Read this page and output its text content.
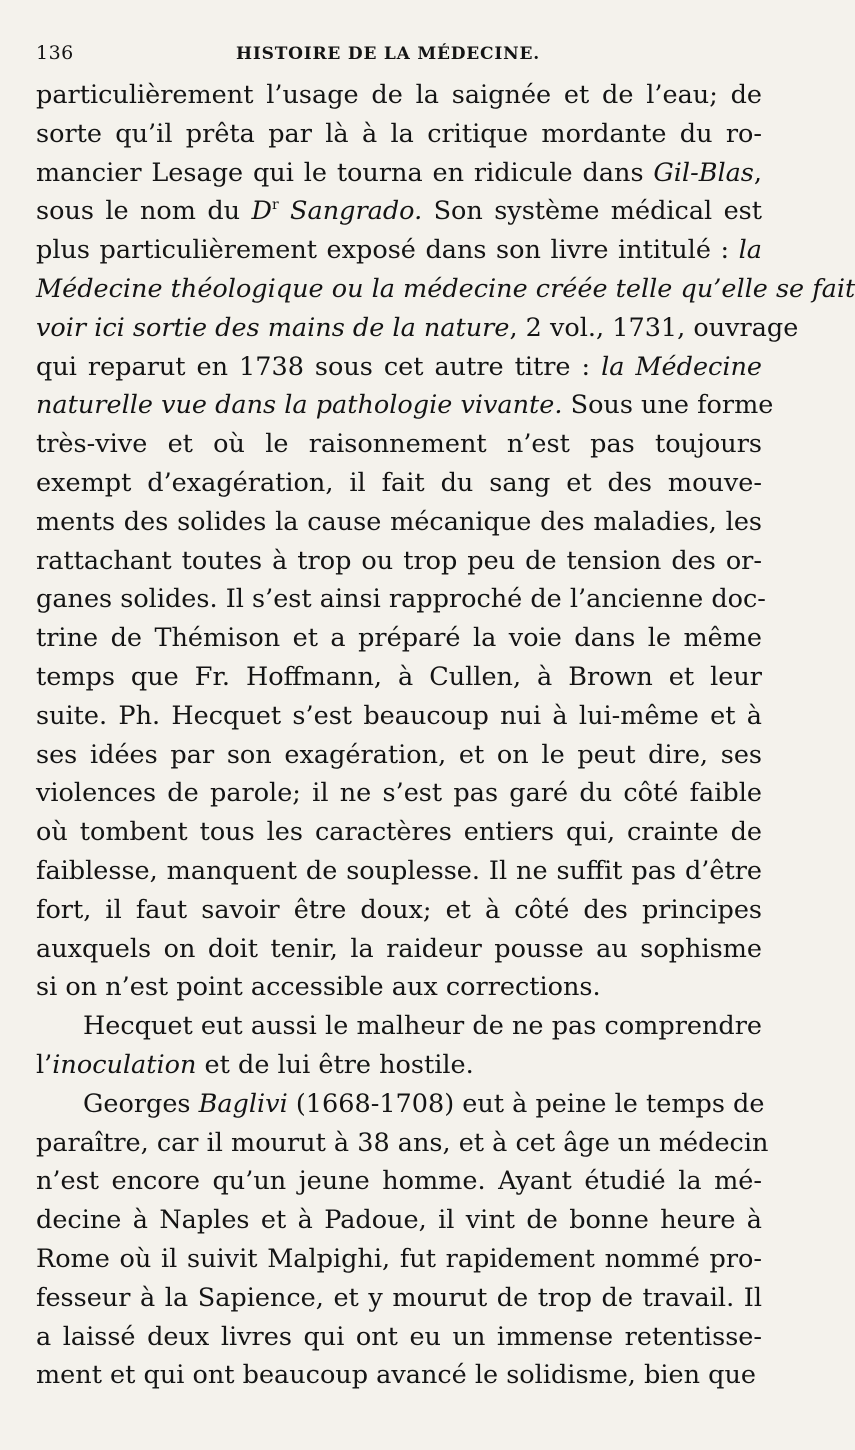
136	HISTOIRE DE LA MÉDECINE.
particulièrement l’usage de la saignée et de l’eau; de
sorte qu’il prêta par là à la critique mordante du ro-
mancier Lesage qui le tourna en ridicule dans Gil-Blas,
sous le nom du $D^r$ Sangrado. Son système médical est
plus particulièrement exposé dans son livre intitulé : la
Médecine théologique ou la médecine créée telle qu’elle se fait
voir ici sortie des mains de la nature, 2 vol., 1731, ouvrage
qui reparut en 1738 sous cet autre titre : la Médecine
naturelle vue dans la pathologie vivante. Sous une forme
très-vive et où le raisonnement n’est pas toujours
exempt d’exagération, il fait du sang et des mouve-
ments des solides la cause mécanique des maladies, les
rattachant toutes à trop ou trop peu de tension des or-
ganes solides. Il s’est ainsi rapproché de l’ancienne doc-
trine de Thémison et a préparé la voie dans le même
temps que Fr. Hoffmann, à Cullen, à Brown et leur
suite. Ph. Hecquet s’est beaucoup nui à lui-même et à
ses idées par son exagération, et on le peut dire, ses
violences de parole; il ne s’est pas garé du côté faible
où tombent tous les caractères entiers qui, crainte de
faiblesse, manquent de souplesse. Il ne suffit pas d’être
fort, il faut savoir être doux; et à côté des principes
auxquels on doit tenir, la raideur pousse au sophisme
si on n’est point accessible aux corrections.
Hecquet eut aussi le malheur de ne pas comprendre
l’inoculation et de lui être hostile.
Georges Baglivi (1668-1708) eut à peine le temps de
paraître, car il mourut à 38 ans, et à cet âge un médecin
n’est encore qu’un jeune homme. Ayant étudié la mé-
decine à Naples et à Padoue, il vint de bonne heure à
Rome où il suivit Malpighi, fut rapidement nommé pro-
fesseur à la Sapience, et y mourut de trop de travail. Il
a laissé deux livres qui ont eu un immense retentisse-
ment et qui ont beaucoup avancé le solidisme, bien que
